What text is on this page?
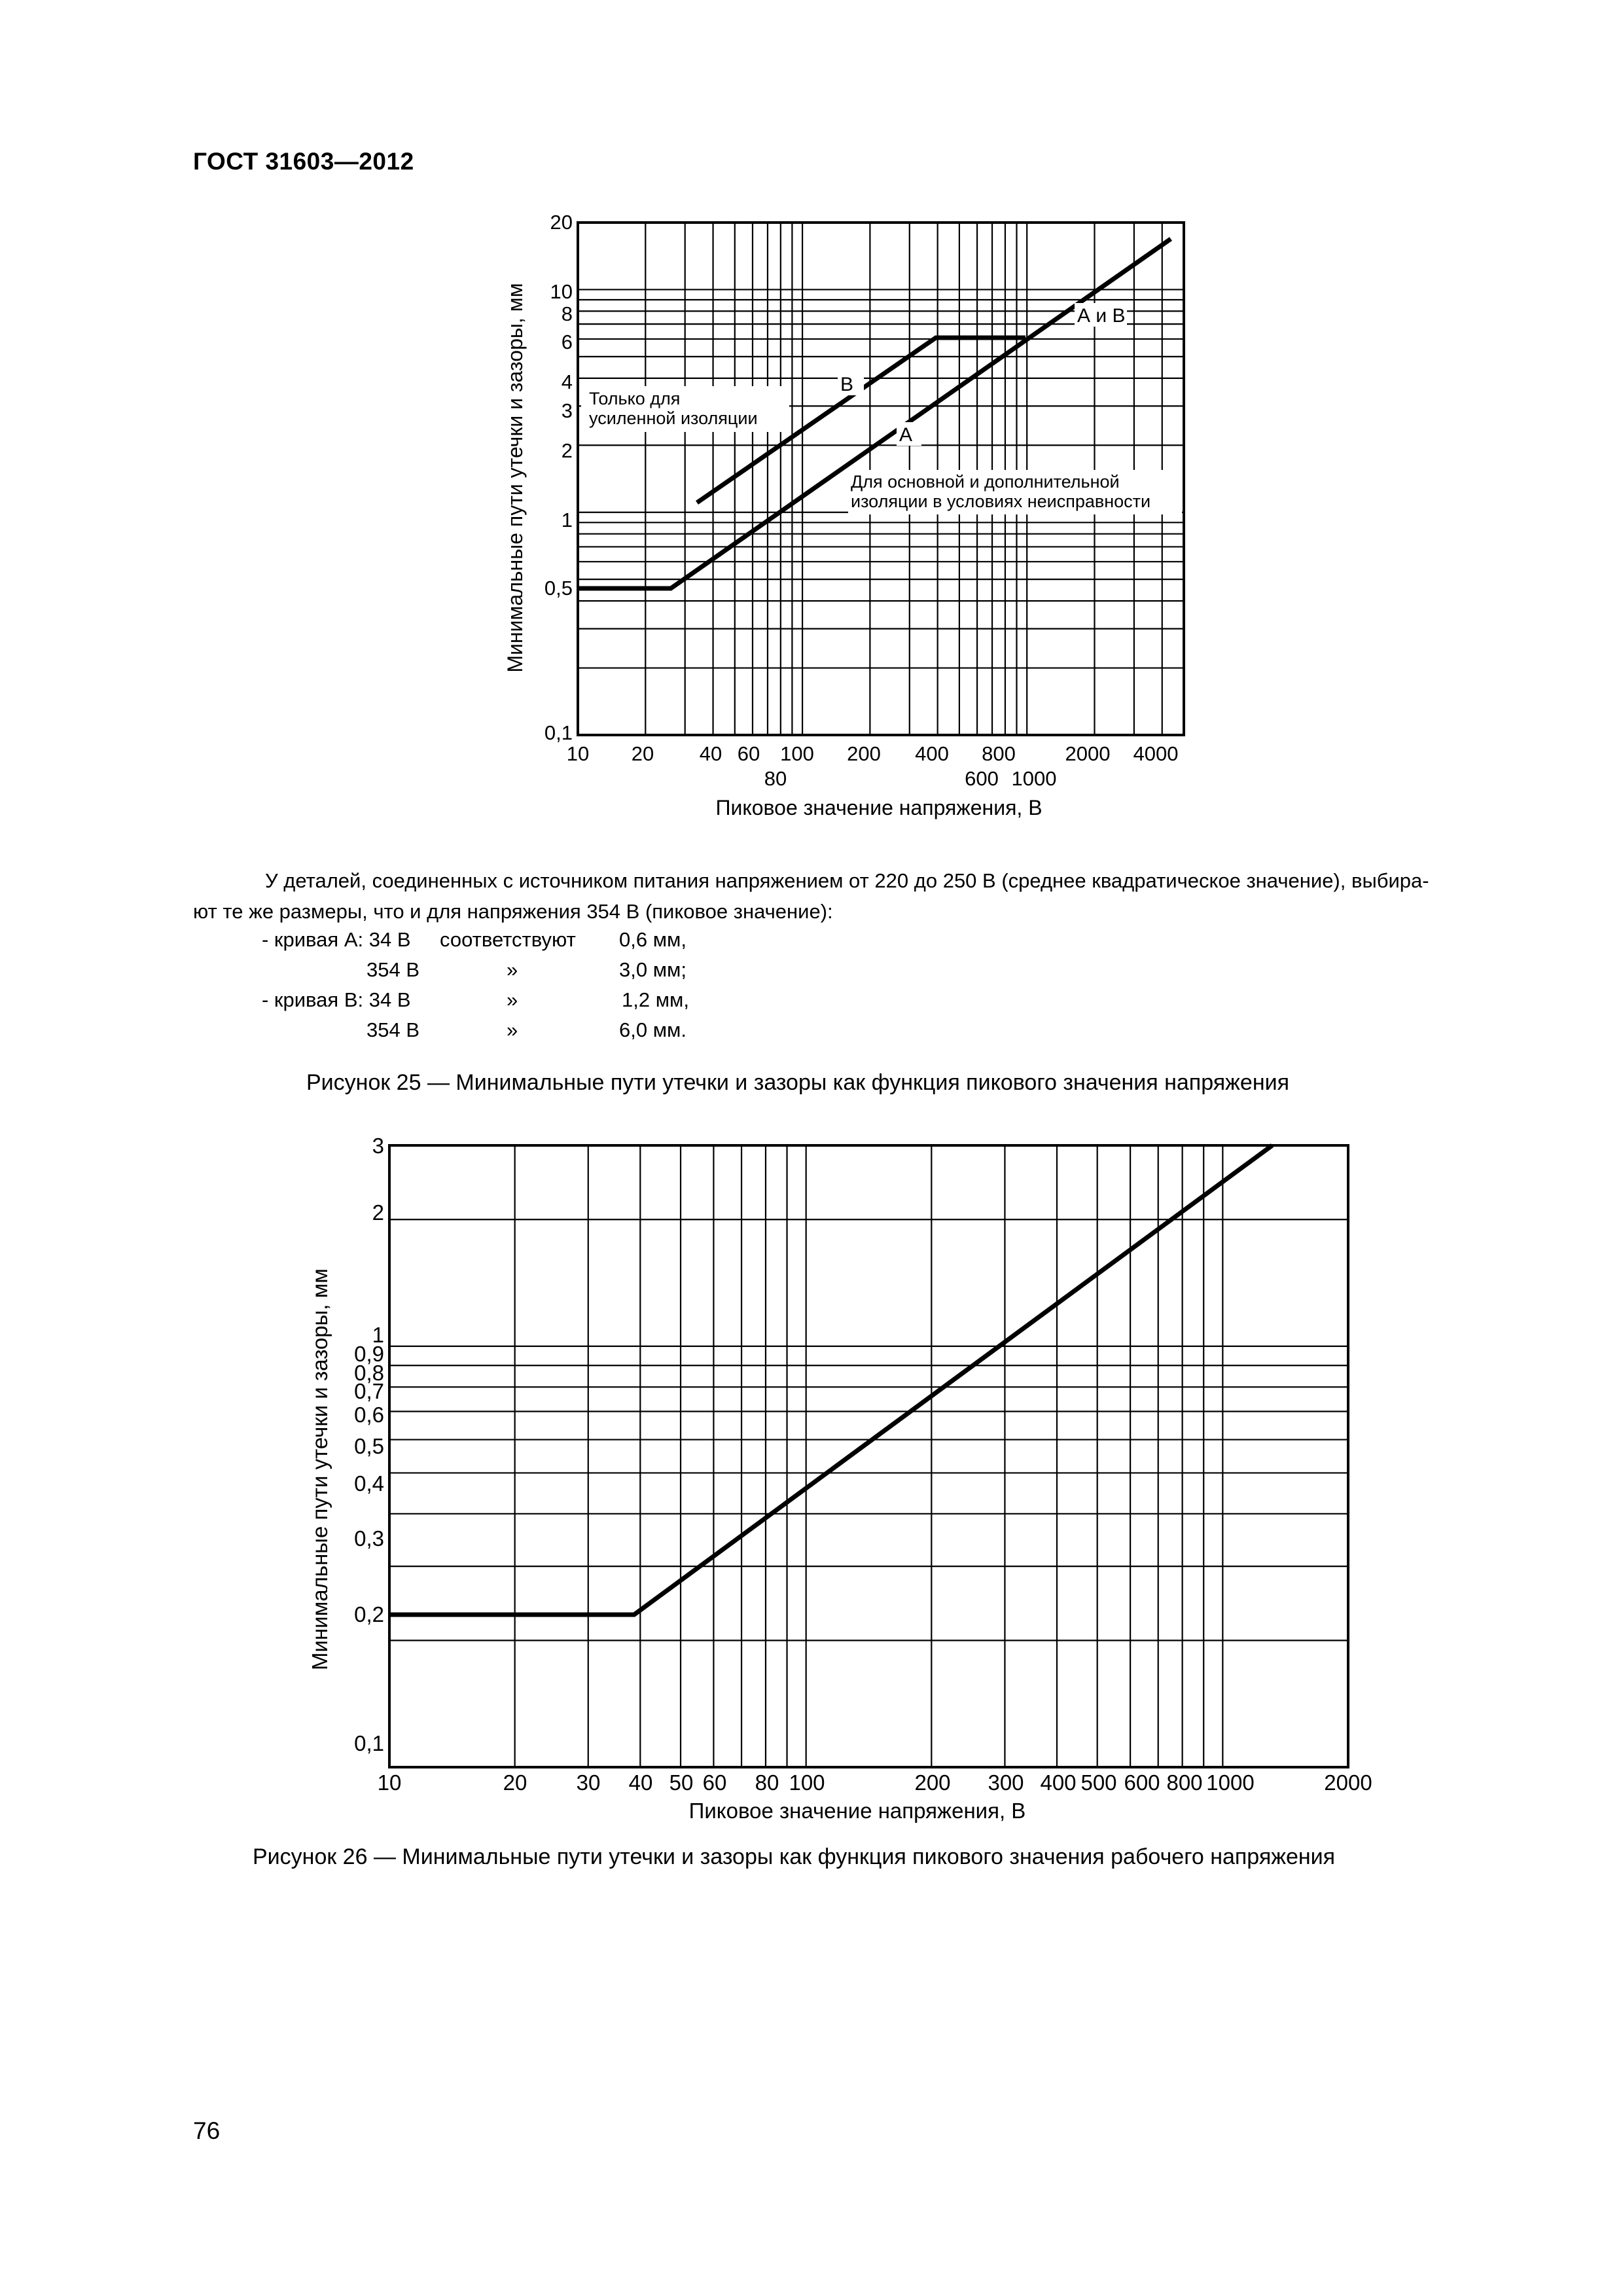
ГОСТ 31603—2012
А и В
В
А
Только для
усиленной изоляции
Для основной и дополнительной
изоляции в условиях неисправности
20
10
8
6
4
3
2
1
0,5
0,1
10 20 40 60 100 200 400 800 2000 4000
80	600 1000
Пиковое значение напряжения, В
Минимальные пути утечки и зазоры, мм
У деталей, соединенных с источником питания напряжением от 220 до 250 В (среднее квадратическое значение), выбира-
ют те же размеры, что и для напряжения 354 В (пиковое значение):
- кривая А: 34 В соответствуют 0,6 мм,
354 В	»	3,0 мм;
- кривая В: 34 В	»	1,2 мм,
354 В	»	6,0 мм.
Рисунок 25 — Минимальные пути утечки и зазоры как функция пикового значения напряжения
3
2
1
0,9
0,8
0,7
0,6
0,5
0,4
0,3
0,2
0,1
10	20 30 40 50 60 80 100	200 300 400 500 600 800 1000	2000
Пиковое значение напряжения, В
Минимальные пути утечки и зазоры, мм
Рисунок 26 — Минимальные пути утечки и зазоры как функция пикового значения рабочего напряжения
76
